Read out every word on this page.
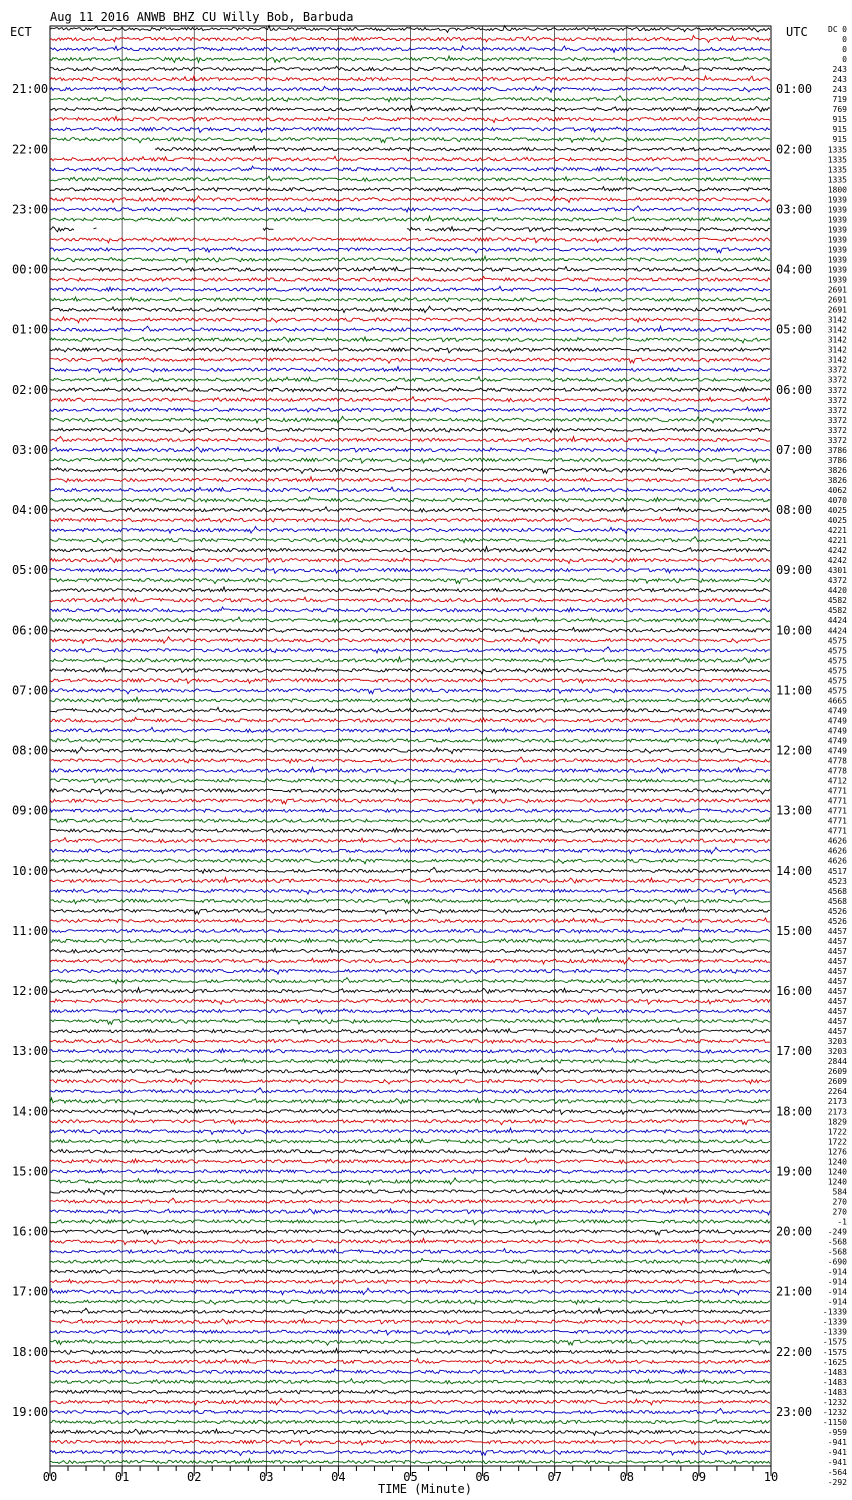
Aug 11 2016 ANWB BHZ CU Willy Bob, Barbuda
ECT	UTC	DC
TIME (Minute)
21:00
22:00
23:00
00:00
01:00
02:00
03:00
04:00
05:00
06:00
07:00
08:00
09:00
10:00
11:00
12:00
13:00
14:00
15:00
16:00
17:00
18:00
19:00
01:00
02:00
03:00
04:00
05:00
06:00
07:00
08:00
09:00
10:00
11:00
12:00
13:00
14:00
15:00
16:00
17:00
18:00
19:00
20:00
21:00
22:00
23:00
0
0
0
0
243
243
243
719
769
915
915
915
1335
1335
1335
1335
1800
1939
1939
1939
1939
1939
1939
1939
1939
1939
2691
2691
2691
3142
3142
3142
3142
3142
3372
3372
3372
3372
3372
3372
3372
3372
3786
3786
3826
3826
4062
4070
4025
4025
4221
4221
4242
4242
4301
4372
4420
4582
4582
4424
4424
4575
4575
4575
4575
4575
4575
4665
4749
4749
4749
4749
4749
4778
4778
4712
4771
4771
4771
4771
4771
4626
4626
4626
4517
4523
4568
4568
4526
4526
4457
4457
4457
4457
4457
4457
4457
4457
4457
4457
4457
3203
3203
2844
2609
2609
2264
2173
2173
1829
1722
1722
1276
1240
1240
1240
584
270
270
-1
-249
-568
-568
-690
-914
-914
-914
-914
-1339
-1339
-1339
-1575
-1575
-1625
-1483
-1483
-1483
-1232
-1232
-1150
-959
-941
-941
-941
-564
-292
00	01	02	03	04	05	06	07	08	09	10
